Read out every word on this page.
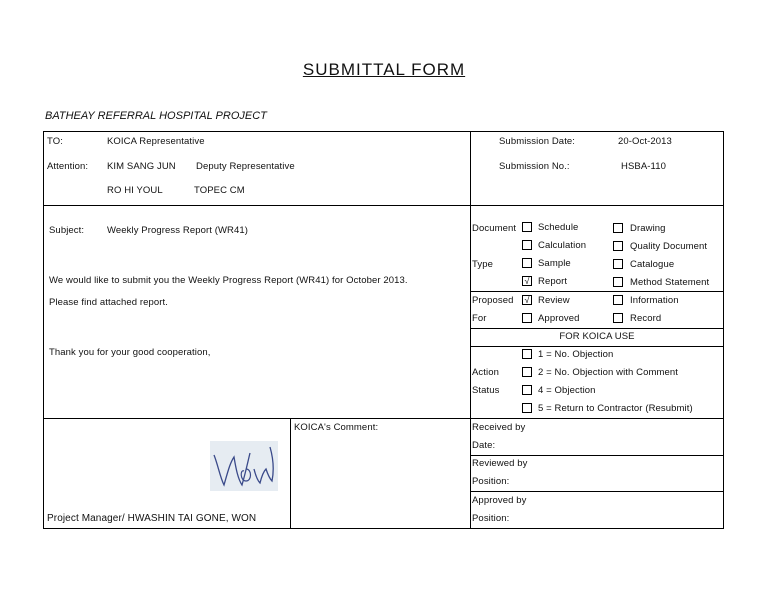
SUBMITTAL FORM
BATHEAY REFERRAL HOSPITAL PROJECT
TO:	KOICA Representative
Attention: KIM SANG JUN Deputy Representative
RO HI YOUL	TOPEC CM
Submission Date:	20-Oct-2013
Submission No.:	HSBA-110
Subject: Weekly Progress Report (WR41)
We would like to submit you the Weekly Progress Report (WR41) for October 2013.
Please find attached report.
Thank you for your good cooperation,
Document
Type
Schedule	Drawing
Calculation	Quality Document
Sample	Catalogue
√ Report	Method Statement
Proposed
For
√ Review	Information
Approved	Record
FOR KOICA USE
Action
Status
1 = No. Objection
2 = No. Objection with Comment
4 = Objection
5 = Return to Contractor (Resubmit)
Project Manager/ HWASHIN TAI GONE, WON
KOICA's Comment:	Received by
Date:
Reviewed by
Position:
Approved by
Position:
